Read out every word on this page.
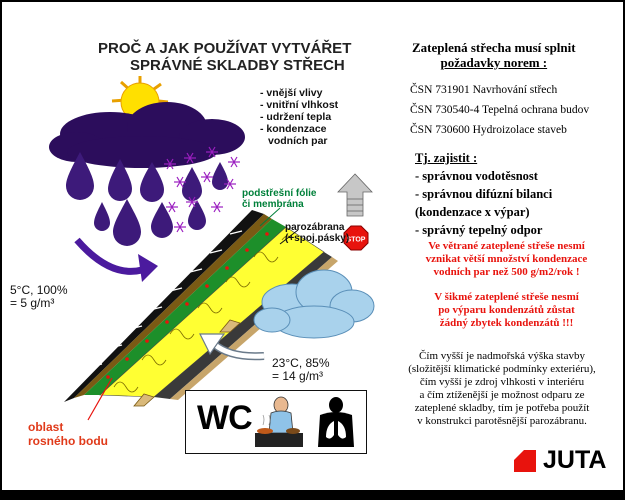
PROČ A JAK POUŽÍVAT VYTVÁŘET
SPRÁVNÉ SKLADBY STŘECH
STOP
- vnější vlivy
- vnitřní vlhkost
- udržení tepla
- kondenzace
vodních par
podstřešní fólie
či membrána
parozábrana
(+spoj.pásky)
5°C, 100%
= 5 g/m³
23°C, 85%
= 14 g/m³
oblast
rosného bodu
WC
Zateplená střecha musí splnit
požadavky norem :
ČSN 731901 Navrhování střech
ČSN 730540-4 Tepelná ochrana budov
ČSN 730600 Hydroizolace staveb
Tj. zajistit :
- správnou vodotěsnost
- správnou difúzní bilanci
(kondenzace x výpar)
- správný tepelný odpor
Ve větrané zateplené střeše nesmí
vznikat větší množství kondenzace
vodních par než 500 g/m2/rok !
V šikmé zateplené střeše nesmí
po výparu kondenzátů zůstat
žádný zbytek kondenzátů !!!
Čím vyšší je nadmořská výška stavby
(složitější klimatické podmínky exteriéru),
čím vyšší je zdroj vlhkosti v interiéru
a čím ztíženější je možnost odparu ze
zateplené skladby, tím je potřeba použít
v konstrukci parotěsnější parozábranu.
JUTA
